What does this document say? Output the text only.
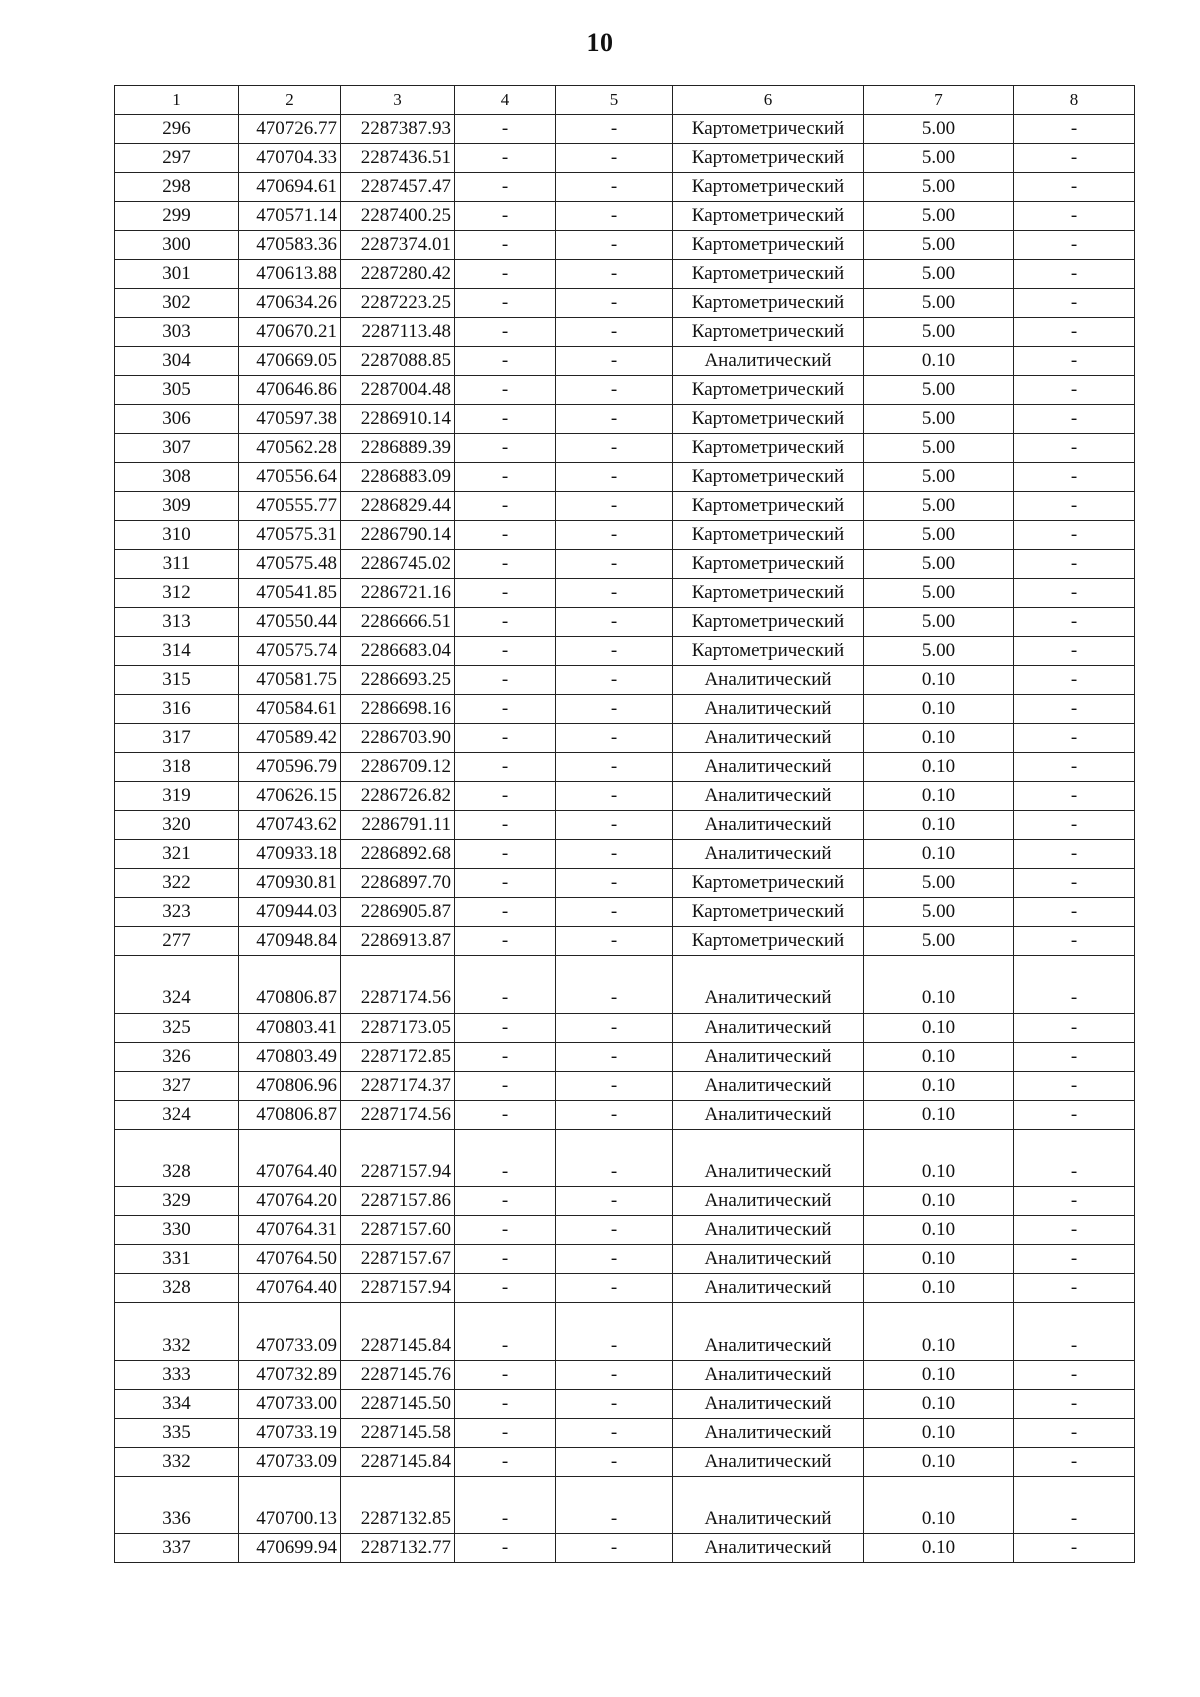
10
1	2	3	4	5	6	7	8
296	470726.77	2287387.93	-	-	Картометрический	5.00	-
297	470704.33	2287436.51	-	-	Картометрический	5.00	-
298	470694.61	2287457.47	-	-	Картометрический	5.00	-
299	470571.14	2287400.25	-	-	Картометрический	5.00	-
300	470583.36	2287374.01	-	-	Картометрический	5.00	-
301	470613.88	2287280.42	-	-	Картометрический	5.00	-
302	470634.26	2287223.25	-	-	Картометрический	5.00	-
303	470670.21	2287113.48	-	-	Картометрический	5.00	-
304	470669.05	2287088.85	-	-	Аналитический	0.10	-
305	470646.86	2287004.48	-	-	Картометрический	5.00	-
306	470597.38	2286910.14	-	-	Картометрический	5.00	-
307	470562.28	2286889.39	-	-	Картометрический	5.00	-
308	470556.64	2286883.09	-	-	Картометрический	5.00	-
309	470555.77	2286829.44	-	-	Картометрический	5.00	-
310	470575.31	2286790.14	-	-	Картометрический	5.00	-
311	470575.48	2286745.02	-	-	Картометрический	5.00	-
312	470541.85	2286721.16	-	-	Картометрический	5.00	-
313	470550.44	2286666.51	-	-	Картометрический	5.00	-
314	470575.74	2286683.04	-	-	Картометрический	5.00	-
315	470581.75	2286693.25	-	-	Аналитический	0.10	-
316	470584.61	2286698.16	-	-	Аналитический	0.10	-
317	470589.42	2286703.90	-	-	Аналитический	0.10	-
318	470596.79	2286709.12	-	-	Аналитический	0.10	-
319	470626.15	2286726.82	-	-	Аналитический	0.10	-
320	470743.62	2286791.11	-	-	Аналитический	0.10	-
321	470933.18	2286892.68	-	-	Аналитический	0.10	-
322	470930.81	2286897.70	-	-	Картометрический	5.00	-
323	470944.03	2286905.87	-	-	Картометрический	5.00	-
277	470948.84	2286913.87	-	-	Картометрический	5.00	-

324	470806.87	2287174.56	-	-	Аналитический	0.10	-
325	470803.41	2287173.05	-	-	Аналитический	0.10	-
326	470803.49	2287172.85	-	-	Аналитический	0.10	-
327	470806.96	2287174.37	-	-	Аналитический	0.10	-
324	470806.87	2287174.56	-	-	Аналитический	0.10	-

328	470764.40	2287157.94	-	-	Аналитический	0.10	-
329	470764.20	2287157.86	-	-	Аналитический	0.10	-
330	470764.31	2287157.60	-	-	Аналитический	0.10	-
331	470764.50	2287157.67	-	-	Аналитический	0.10	-
328	470764.40	2287157.94	-	-	Аналитический	0.10	-

332	470733.09	2287145.84	-	-	Аналитический	0.10	-
333	470732.89	2287145.76	-	-	Аналитический	0.10	-
334	470733.00	2287145.50	-	-	Аналитический	0.10	-
335	470733.19	2287145.58	-	-	Аналитический	0.10	-
332	470733.09	2287145.84	-	-	Аналитический	0.10	-

336	470700.13	2287132.85	-	-	Аналитический	0.10	-
337	470699.94	2287132.77	-	-	Аналитический	0.10	-
